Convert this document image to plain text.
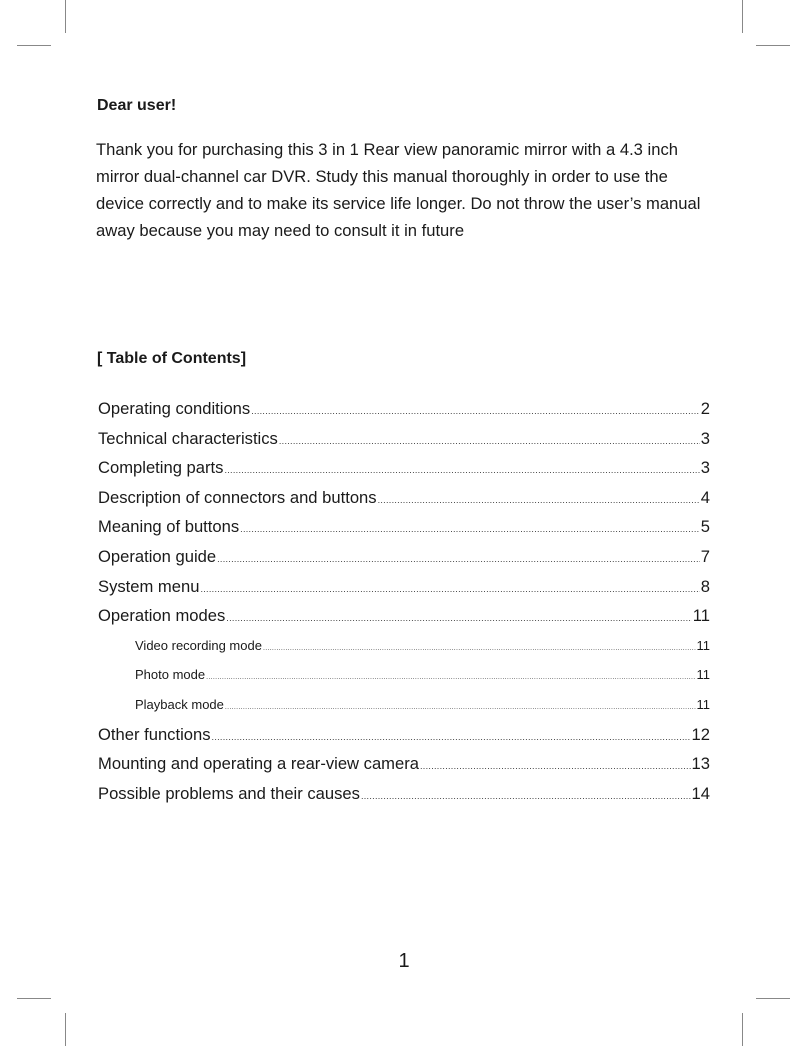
Dear user!

Thank you for purchasing this 3 in 1 Rear view panoramic mirror with a 4.3 inch mirror dual-channel car DVR. Study this manual thoroughly in order to use the device correctly and to make its service life longer. Do not throw the user’s manual away because you may need to consult it in future

[ Table of Contents]

Operating conditions .....	2
Technical characteristics .....	3
Completing parts .....	3
Description of connectors and buttons .....	4
Meaning of buttons .....	5
Operation guide .....	7
System menu .....	8
Operation modes .....	11
Video recording mode .....	11
Photo mode .....	11
Playback mode .....	11
Other functions .....	12
Mounting and operating a rear-view camera .....	13
Possible problems and their causes .....	14

1
